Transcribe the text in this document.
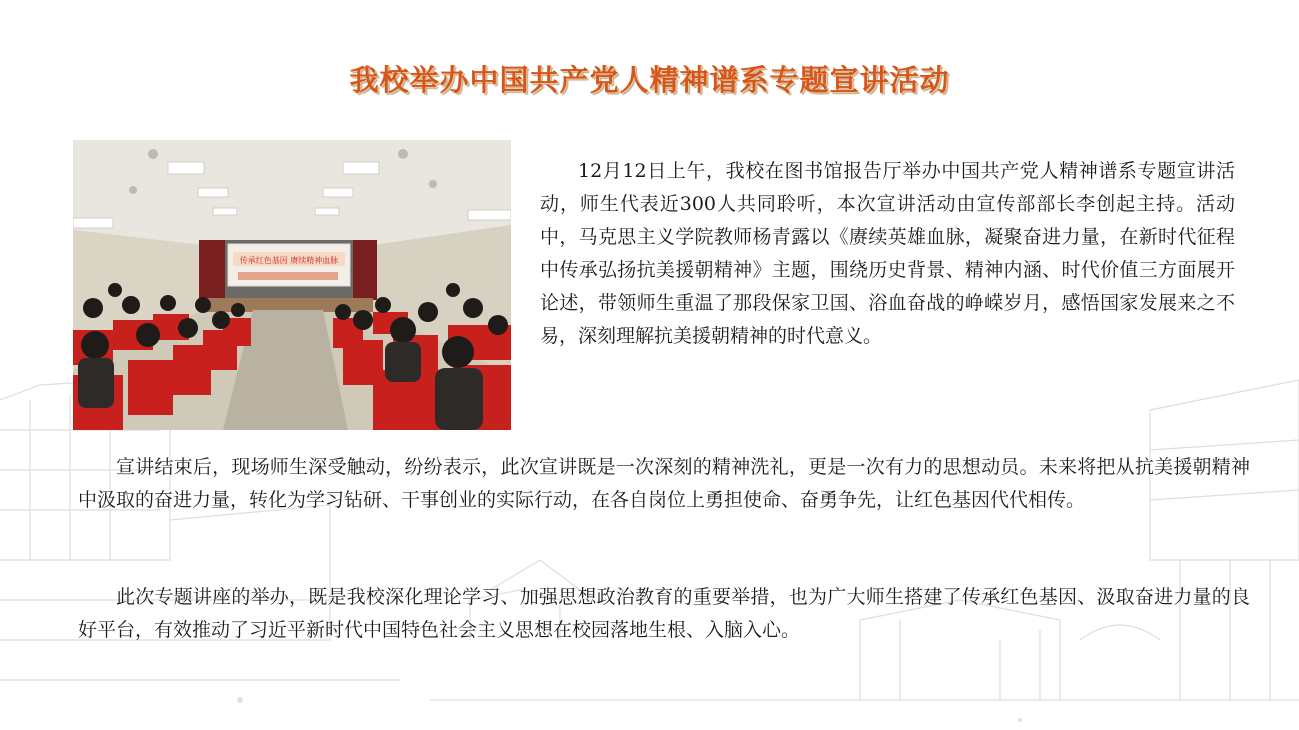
我校举办中国共产党人精神谱系专题宣讲活动
传承红色基因 赓续精神血脉
12月12日上午，我校在图书馆报告厅举办中国共产党人精神谱系专题宣讲活动，师生代表近300人共同聆听，本次宣讲活动由宣传部部长李创起主持。活动中，马克思主义学院教师杨青露以《赓续英雄血脉，凝聚奋进力量，在新时代征程中传承弘扬抗美援朝精神》主题，围绕历史背景、精神内涵、时代价值三方面展开论述，带领师生重温了那段保家卫国、浴血奋战的峥嵘岁月，感悟国家发展来之不易，深刻理解抗美援朝精神的时代意义。
宣讲结束后，现场师生深受触动，纷纷表示，此次宣讲既是一次深刻的精神洗礼，更是一次有力的思想动员。未来将把从抗美援朝精神中汲取的奋进力量，转化为学习钻研、干事创业的实际行动，在各自岗位上勇担使命、奋勇争先，让红色基因代代相传。
此次专题讲座的举办，既是我校深化理论学习、加强思想政治教育的重要举措，也为广大师生搭建了传承红色基因、汲取奋进力量的良好平台，有效推动了习近平新时代中国特色社会主义思想在校园落地生根、入脑入心。
